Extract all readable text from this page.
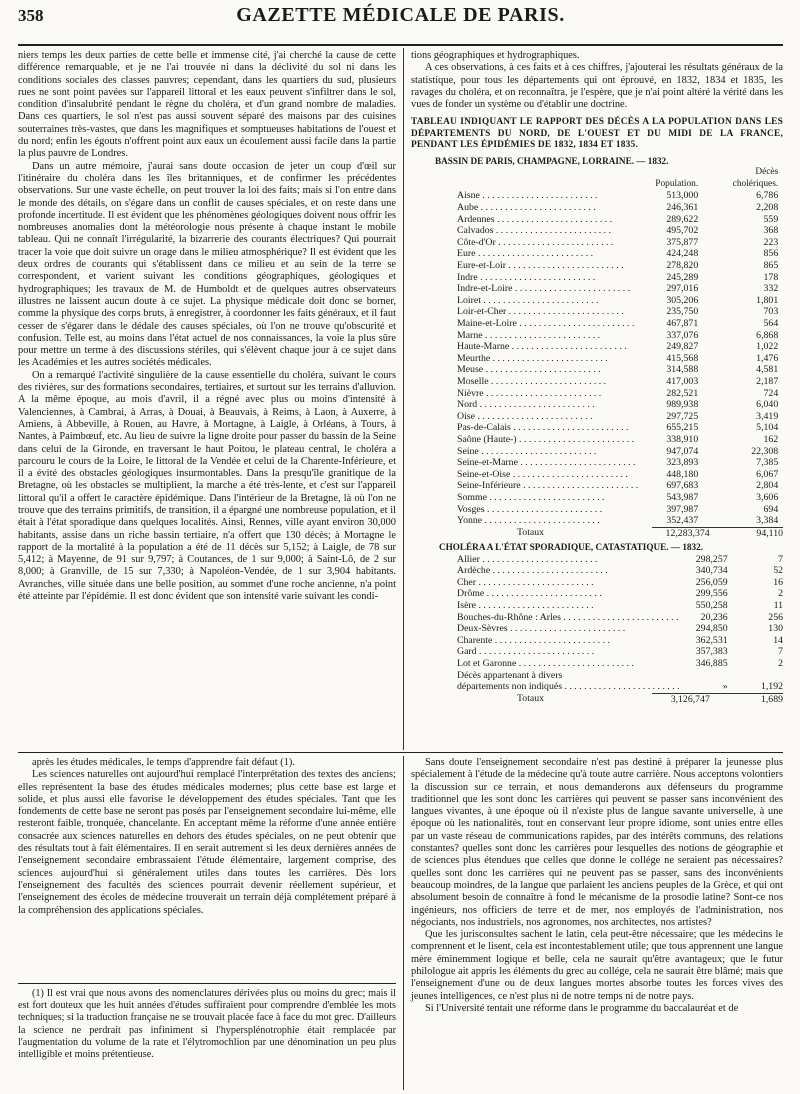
358	GAZETTE MÉDICALE DE PARIS.

niers temps les deux parties de cette belle et immense cité, j'ai cherché la cause de cette différence remarquable, et je ne l'ai trouvée ni dans la déclivité du sol ni dans les conditions sociales des classes pauvres; cependant, dans les quartiers du sud, plusieurs rues ne sont point pavées sur l'appareil littoral et les eaux peuvent s'infiltrer dans le sol, condition d'insalubrité pendant le règne du choléra, et d'un grand nombre de maladies. Dans ces quartiers, le sol n'est pas aussi souvent séparé des maisons par des cuisines souterraines très-vastes, que dans les magnifiques et somptueuses habitations de l'ouest et du nord; enfin les égouts n'offrent point aux eaux un écoulement aussi facile dans la partie la plus pauvre de Londres.

Dans un autre mémoire, j'aurai sans doute occasion de jeter un coup d'œil sur l'itinéraire du choléra dans les îles britanniques, et de confirmer les précédentes observations. Sur une vaste échelle, on peut trouver la loi des faits; mais si l'on entre dans le monde des détails, on s'égare dans un conflit de causes spéciales, et on reste dans une profonde incertitude. Il est évident que les phénomènes géologiques doivent nous offrir les nombreuses anomalies dont la météorologie nous présente à chaque instant le mobile tableau. Qui ne connaît l'irrégularité, la bizarrerie des courants électriques? Qui pourrait tracer la voie que doit suivre un orage dans le milieu atmosphérique? Il est évident que les deux ordres de courants qui s'établissent dans ce milieu et au sein de la terre se correspondent, et varient suivant les conditions géographiques, géologiques et hydrographiques; les travaux de M. de Humboldt et de quelques autres observateurs illustres ne laissent aucun doute à ce sujet. La physique médicale doit donc se borner, comme la physique des corps bruts, à enregistrer, à coordonner les faits généraux, et il faut cesser de s'égarer dans le dédale des causes spéciales, où l'on ne trouve qu'obscurité et confusion. Telle est, au moins dans l'état actuel de nos connaissances, la voie la plus sûre pour mettre un terme à des discussions stériles, qui s'élèvent chaque jour à ce sujet dans les Académies et les autres sociétés médicales.

On a remarqué l'activité singulière de la cause essentielle du choléra, suivant le cours des rivières, sur des formations secondaires, tertiaires, et surtout sur les terrains d'alluvion. A la même époque, au mois d'avril, il a régné avec plus ou moins d'intensité à Valenciennes, à Cambrai, à Arras, à Douai, à Beauvais, à Reims, à Laon, à Auxerre, à Amiens, à Abbeville, à Rouen, au Havre, à Mortagne, à Laigle, à Orléans, à Tours, à Nantes, à Paimbœuf, etc. Au lieu de suivre la ligne droite pour passer du bassin de la Seine dans celui de la Gironde, en traversant le haut Poitou, le plateau central, le choléra a parcouru le cours de la Loire, le littoral de la Vendée et celui de la Charente-Inférieure, et il a évité des obstacles géologiques insurmontables. Dans la presqu'île granitique de la Bretagne, où les obstacles se multiplient, la marche a été très-lente, et c'est sur l'appareil littoral qu'il a offert le caractère épidémique. Dans l'intérieur de la Bretagne, là où l'on ne trouve que des terrains primitifs, de transition, il a épargné une nombreuse population, et il était à l'état sporadique dans quelques localités. Ainsi, Rennes, ville ayant environ 30,000 habitants, assise dans un riche bassin tertiaire, n'a offert que 130 décès; à Mortagne le rapport de la mortalité à la population a été de 11 décès sur 5,152; à Laigle, de 78 sur 5,412; à Mayenne, de 91 sur 9,797; à Coutances, de 1 sur 9,000; à Saint-Lô, de 2 sur 8,000; à Granville, de 15 sur 7,330; à Napoléon-Vendée, de 1 sur 3,904 habitants. Avranches, ville située dans une belle position, au sommet d'une roche ancienne, n'a point été atteinte par l'épidémie. Il est donc évident que son intensité varie suivant les condi-

tions géographiques et hydrographiques.

A ces observations, à ces faits et à ces chiffres, j'ajouterai les résultats généraux de la statistique, pour tous les départements qui ont éprouvé, en 1832, 1834 et 1835, les ravages du choléra, et on reconnaîtra, je l'espère, que je n'ai point altéré la vérité dans les vues de fonder un système ou d'établir une doctrine.

TABLEAU INDIQUANT LE RAPPORT DES DÉCÈS A LA POPULATION DANS LES DÉPARTEMENTS DU NORD, DE L'OUEST ET DU MIDI DE LA FRANCE, PENDANT LES ÉPIDÉMIES DE 1832, 1834 ET 1835.
BASSIN DE PARIS, CHAMPAGNE, LORRAINE. — 1832.
	Population.	Décès
cholériques.

Aisne . . . . . . . . . . . . . . . . . . . . . . . .	513,000	6,786
Aube . . . . . . . . . . . . . . . . . . . . . . . .	246,361	2,208
Ardennes . . . . . . . . . . . . . . . . . . . . . . . .	289,622	559
Calvados . . . . . . . . . . . . . . . . . . . . . . . .	495,702	368
Côte-d'Or . . . . . . . . . . . . . . . . . . . . . . . .	375,877	223
Eure . . . . . . . . . . . . . . . . . . . . . . . .	424,248	856
Eure-et-Loir . . . . . . . . . . . . . . . . . . . . . . . .	278,820	865
Indre . . . . . . . . . . . . . . . . . . . . . . . .	245,289	178
Indre-et-Loire . . . . . . . . . . . . . . . . . . . . . . . .	297,016	332
Loiret . . . . . . . . . . . . . . . . . . . . . . . .	305,206	1,801
Loir-et-Cher . . . . . . . . . . . . . . . . . . . . . . . .	235,750	703
Maine-et-Loire . . . . . . . . . . . . . . . . . . . . . . . .	467,871	564
Marne . . . . . . . . . . . . . . . . . . . . . . . .	337,076	6,868
Haute-Marne . . . . . . . . . . . . . . . . . . . . . . . .	249,827	1,022
Meurthe . . . . . . . . . . . . . . . . . . . . . . . .	415,568	1,476
Meuse . . . . . . . . . . . . . . . . . . . . . . . .	314,588	4,581
Moselle . . . . . . . . . . . . . . . . . . . . . . . .	417,003	2,187
Nièvre . . . . . . . . . . . . . . . . . . . . . . . .	282,521	724
Nord . . . . . . . . . . . . . . . . . . . . . . . .	989,938	6,040
Oise . . . . . . . . . . . . . . . . . . . . . . . .	297,725	3,419
Pas-de-Calais . . . . . . . . . . . . . . . . . . . . . . . .	655,215	5,104
Saône (Haute-) . . . . . . . . . . . . . . . . . . . . . . . .	338,910	162
Seine . . . . . . . . . . . . . . . . . . . . . . . .	947,074	22,308
Seine-et-Marne . . . . . . . . . . . . . . . . . . . . . . . .	323,893	7,385
Seine-et-Oise . . . . . . . . . . . . . . . . . . . . . . . .	448,180	6,067
Seine-Inférieure . . . . . . . . . . . . . . . . . . . . . . . .	697,683	2,804
Somme . . . . . . . . . . . . . . . . . . . . . . . .	543,987	3,606
Vosges . . . . . . . . . . . . . . . . . . . . . . . .	397,987	694
Yonne . . . . . . . . . . . . . . . . . . . . . . . .	352,437	3,384
Totaux	12,283,374	94,110
CHOLÉRA A L'ÉTAT SPORADIQUE, CATASTATIQUE. — 1832.
Allier . . . . . . . . . . . . . . . . . . . . . . . .	298,257	7
Ardèche . . . . . . . . . . . . . . . . . . . . . . . .	340,734	52
Cher . . . . . . . . . . . . . . . . . . . . . . . .	256,059	16
Drôme . . . . . . . . . . . . . . . . . . . . . . . .	299,556	2
Isère . . . . . . . . . . . . . . . . . . . . . . . .	550,258	11
Bouches-du-Rhône : Arles . . . . . . . . . . . . . . . . . . . . . . . .	20,236	256
Deux-Sèvres . . . . . . . . . . . . . . . . . . . . . . . .	294,850	130
Charente . . . . . . . . . . . . . . . . . . . . . . . .	362,531	14
Gard . . . . . . . . . . . . . . . . . . . . . . . .	357,383	7
Lot et Garonne . . . . . . . . . . . . . . . . . . . . . . . .	346,885	2
Décès appartenant à divers		
départements non indiqués . . . . . . . . . . . . . . . . . . . . . . . .	»	1,192
Totaux	3,126,747	1,689

après les études médicales, le temps d'apprendre fait défaut (1).

Les sciences naturelles ont aujourd'hui remplacé l'interprétation des textes des anciens; elles représentent la base des études médicales modernes; plus cette base est large et solide, et plus aussi elle favorise le développement des études spéciales. Tant que les fondements de cette base ne seront pas posés par l'enseignement secondaire lui-même, elle resteront faible, tronquée, chancelante. En acceptant même la réforme d'une année entière consacrée aux sciences naturelles en dehors des études spéciales, on ne peut obtenir que des résultats tout à fait élémentaires. Il en serait autrement si les deux dernières années de l'enseignement secondaire embrassaient l'étude élémentaire, largement comprise, des sciences aujourd'hui si généralement utiles dans toutes les carrières. Dès lors l'enseignement des facultés des sciences pourrait devenir réellement supérieur, et l'enseignement des écoles de médecine trouverait un terrain déjà complétement préparé à la compréhension des applications spéciales.

(1) Il est vrai que nous avons des nomenclatures dérivées plus ou moins du grec; mais il est fort douteux que les huit années d'études suffiraient pour comprendre d'emblée les mots techniques; si la traduction française ne se trouvait placée face à face du mot grec. D'ailleurs la science ne perdrait pas infiniment si l'hypersplénotrophie était remplacée par l'augmentation du volume de la rate et l'élytromochlion par une dénomination un peu plus intelligible et moins prétentieuse.

Sans doute l'enseignement secondaire n'est pas destiné à préparer la jeunesse plus spécialement à l'étude de la médecine qu'à toute autre carrière. Nous acceptons volontiers la discussion sur ce terrain, et nous demanderons aux défenseurs du programme traditionnel que les sont donc les carrières qui peuvent se passer sans inconvénient des langues vivantes, à une époque où il n'existe plus de langue savante universelle, à une époque où les nationalités, tout en conservant leur propre idiome, sont unies entre elles par un vaste réseau de communications rapides, par des intérêts communs, des relations constantes? quelles sont donc les carrières pour lesquelles des notions de géographie et de sciences plus étendues que celles que donne le collége ne seraient pas nécessaires? quelles sont donc les carrières qui ne peuvent pas se passer, sans des inconvénients beaucoup moindres, de la langue que parlaient les anciens peuples de la Grèce, et qui ont absolument besoin de connaître à fond le mécanisme de la prosodie latine? Sont-ce nos ingénieurs, nos officiers de terre et de mer, nos employés de l'administration, nos négociants, nos industriels, nos agronomes, nos architectes, nos artistes?

Que les jurisconsultes sachent le latin, cela peut-être nécessaire; que les médecins le comprennent et le lisent, cela est incontestablement utile; que tous apprennent une langue mère éminemment logique et belle, cela ne saurait qu'être avantageux; que le futur philologue ait appris les éléments du grec au collége, cela ne saurait être blâmé; mais que l'enseignement d'une ou de deux langues mortes absorbe toutes les forces vives des jeunes intelligences, ce n'est plus ni de notre temps ni de notre pays.

Si l'Université tentait une réforme dans le programme du baccalauréat et de
